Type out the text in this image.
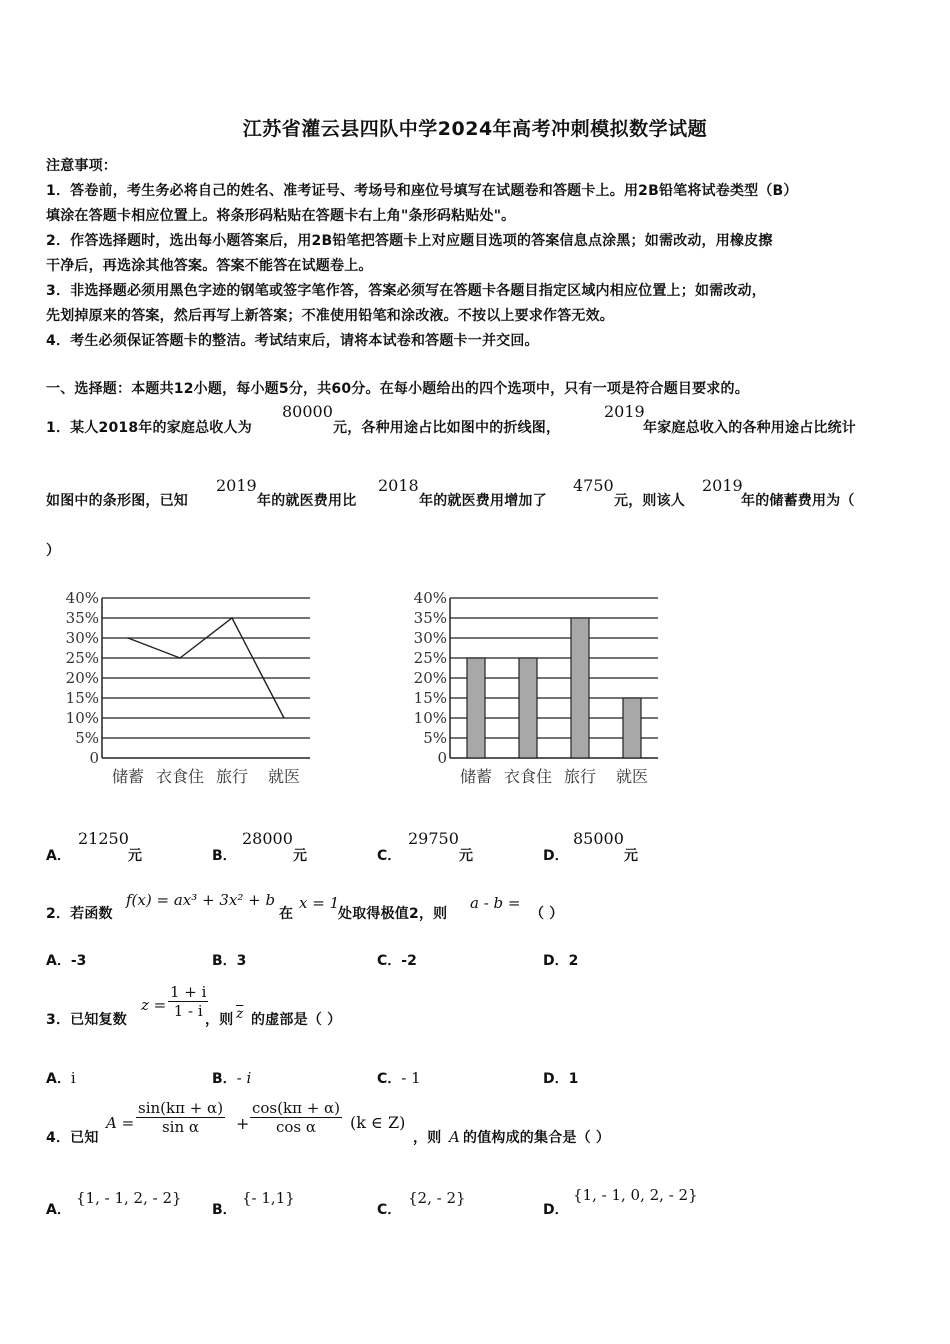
江苏省灌云县四队中学2024年高考冲刺模拟数学试题
注意事项：
1．答卷前，考生务必将自己的姓名、准考证号、考场号和座位号填写在试题卷和答题卡上。用2B铅笔将试卷类型（B）
填涂在答题卡相应位置上。将条形码粘贴在答题卡右上角"条形码粘贴处"。
2．作答选择题时，选出每小题答案后，用2B铅笔把答题卡上对应题目选项的答案信息点涂黑；如需改动，用橡皮擦
干净后，再选涂其他答案。答案不能答在试题卷上。
3．非选择题必须用黑色字迹的钢笔或签字笔作答，答案必须写在答题卡各题目指定区域内相应位置上；如需改动，
先划掉原来的答案，然后再写上新答案；不准使用铅笔和涂改液。不按以上要求作答无效。
4．考生必须保证答题卡的整洁。考试结束后，请将本试卷和答题卡一并交回。
一、选择题：本题共12小题，每小题5分，共60分。在每小题给出的四个选项中，只有一项是符合题目要求的。
1．某人2018年的家庭总收人为
80000
元，各种用途占比如图中的折线图，
2019
年家庭总收入的各种用途占比统计
如图中的条形图，已知
2019
年的就医费用比
2018
年的就医费用增加了
4750
元，则该人
2019
年的储蓄费用为（
）
0
5%
10%
15%
20%
25%
30%
35%
40%
储蓄 衣食住 旅行 就医
0
5%
10%
15%
20%
25%
30%
35%
40%
储蓄 衣食住 旅行 就医
A．
21250
元	B．
28000
元	C．
29750
元	D．
85000
元
2．若函数
f(x) = ax³ + 3x² + b
在
x = 1
处取得极值2，则
a - b =
（ ）
A．-3	B．3	C．-2	D．2
3．已知复数
$z = \frac{1 + i}{1 - i}$
，则 $\overline{z}$ 的虚部是（ ）
A．i	B．- i	C．- 1	D．1
4．已知
$A = \frac{\sin(k\pi + \alpha)}{\text{sin α}} + \frac{\cos(k\pi + \alpha)}{\text{cos α}} (k$ ∈ Z)
，则 A 的值构成的集合是（ ）
A．
{1, - 1, 2, - 2}
B．
{- 1,1}
C．
{2, - 2}
D．
{1, - 1, 0, 2, - 2}
